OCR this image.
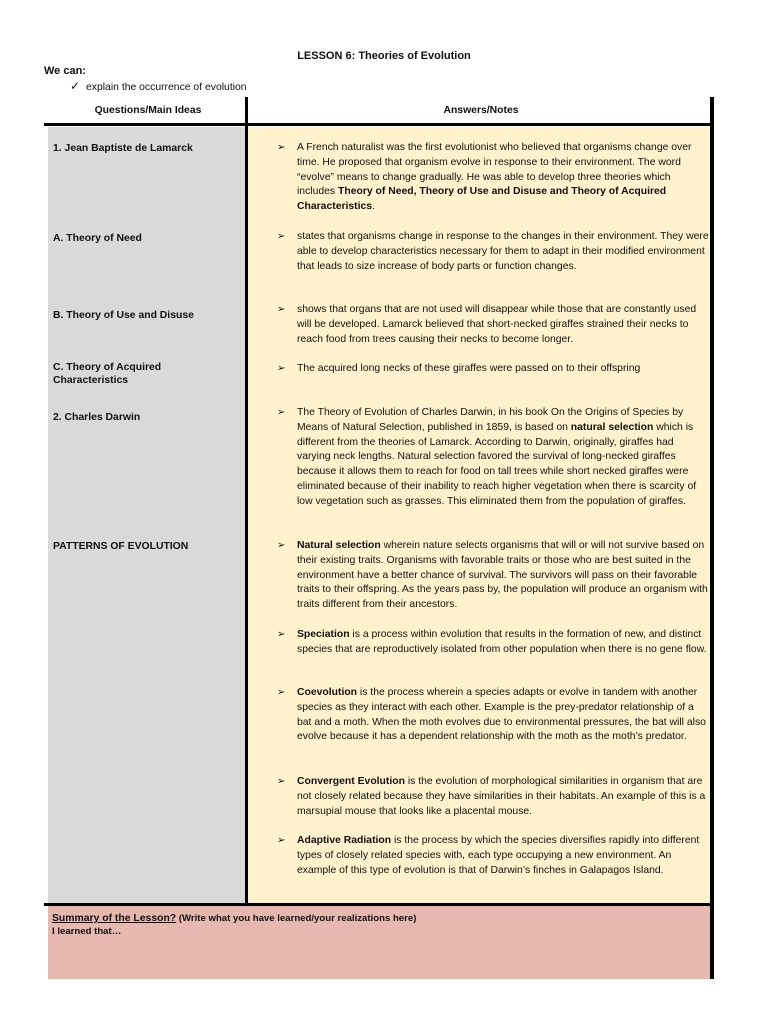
LESSON 6: Theories of Evolution
We can:
✓ explain the occurrence of evolution
Questions/Main Ideas	Answers/Notes
1. Jean Baptiste de Lamarck
A. Theory of Need
B. Theory of Use and Disuse
C. Theory of Acquired Characteristics
2. Charles Darwin
PATTERNS OF EVOLUTION
➢ A French naturalist was the first evolutionist who believed that organisms change over time. He proposed that organism evolve in response to their environment. The word “evolve” means to change gradually. He was able to develop three theories which includes Theory of Need, Theory of Use and Disuse and Theory of Acquired Characteristics.
➢ states that organisms change in response to the changes in their environment. They were able to develop characteristics necessary for them to adapt in their modified environment that leads to size increase of body parts or function changes.
➢ shows that organs that are not used will disappear while those that are constantly used will be developed. Lamarck believed that short-necked giraffes strained their necks to reach food from trees causing their necks to become longer.
➢ The acquired long necks of these giraffes were passed on to their offspring
➢ The Theory of Evolution of Charles Darwin, in his book On the Origins of Species by Means of Natural Selection, published in 1859, is based on natural selection which is different from the theories of Lamarck. According to Darwin, originally, giraffes had varying neck lengths. Natural selection favored the survival of long-necked giraffes because it allows them to reach for food on tall trees while short necked giraffes were eliminated because of their inability to reach higher vegetation when there is scarcity of low vegetation such as grasses. This eliminated them from the population of giraffes.
➢ Natural selection wherein nature selects organisms that will or will not survive based on their existing traits. Organisms with favorable traits or those who are best suited in the environment have a better chance of survival. The survivors will pass on their favorable traits to their offspring. As the years pass by, the population will produce an organism with traits different from their ancestors.
➢ Speciation is a process within evolution that results in the formation of new, and distinct species that are reproductively isolated from other population when there is no gene flow.
➢ Coevolution is the process wherein a species adapts or evolve in tandem with another species as they interact with each other. Example is the prey-predator relationship of a bat and a moth. When the moth evolves due to environmental pressures, the bat will also evolve because it has a dependent relationship with the moth as the moth’s predator.
➢ Convergent Evolution is the evolution of morphological similarities in organism that are not closely related because they have similarities in their habitats. An example of this is a marsupial mouse that looks like a placental mouse.
➢ Adaptive Radiation is the process by which the species diversifies rapidly into different types of closely related species with, each type occupying a new environment. An example of this type of evolution is that of Darwin’s finches in Galapagos Island.
Summary of the Lesson? (Write what you have learned/your realizations here)
I learned that…
